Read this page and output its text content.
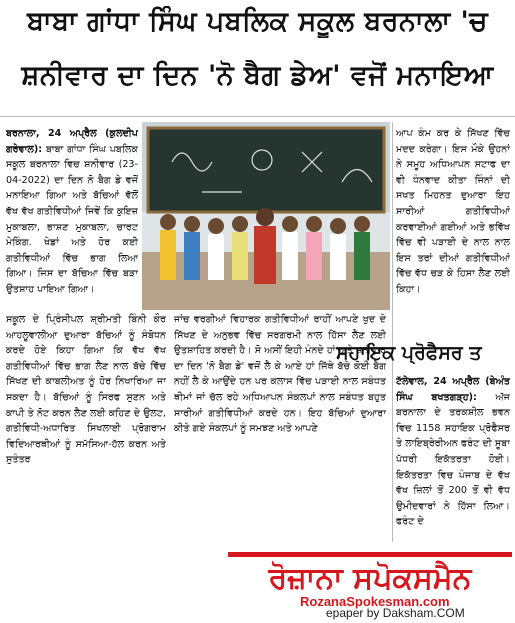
ਬਾਬਾ ਗਾਂਧਾ ਸਿੰਘ ਪਬਲਿਕ ਸਕੂਲ ਬਰਨਾਲਾ 'ਚ
ਸ਼ਨੀਵਾਰ ਦਾ ਦਿਨ 'ਨੋ ਬੈਗ ਡੇਅ' ਵਜੋਂ ਮਨਾਇਆ

ਬਰਨਾਲਾ, 24 ਅਪ੍ਰੈਲ (ਕੁਲਦੀਪ ਗਰੇਵਾਲ): ਬਾਬਾ ਗਾਂਧਾ ਸਿੰਘ ਪਬਲਿਕ ਸਕੂਲ ਬਰਨਾਲਾ ਵਿਚ ਸ਼ਨੀਵਾਰ (23-04-2022) ਦਾ ਦਿਨ ਨੋ ਬੈਗ ਡੇ ਵਜੋਂ ਮਨਾਇਆ ਗਿਆ ਅਤੇ ਬੱਚਿਆਂ ਵੱਲੋਂ ਵੱਖ ਵੱਖ ਗਤੀਵਿਧੀਆਂ ਜਿਵੇਂ ਕਿ ਕੁਇਜ਼ ਮੁਕਾਬਲਾ, ਭਾਸ਼ਣ ਮੁਕਾਬਲਾ, ਚਾਰਟ ਮੇਕਿੰਗ. ਖੇਡਾਂ ਅਤੇ ਹੋਰ ਕਈ ਗਤੀਵਿਧੀਆਂ ਵਿੱਚ ਭਾਗ ਲਿਆ ਗਿਆ। ਜਿਸ ਦਾ ਬੱਚਿਆ ਵਿੱਚ ਬੜਾ ਉਤਸ਼ਾਹ ਪਾਇਆ ਗਿਆ।

ਆਪ ਕੰਮ ਕਰ ਕੇ ਸਿੱਖਣ ਵਿੱਚ ਮਦਦ ਕਰੇਗਾ। ਇਸ ਮੌਕੇ ਉਹਨਾਂ ਨੇ ਸਮੂਹ ਅਧਿਆਪਨ ਸਟਾਫ ਦਾ ਵੀ ਧੰਨਵਾਦ ਕੀਤਾ ਜਿੰਨਾਂ ਦੀ ਸਖਤ ਮਿਹਨਤ ਦੁਆਰਾ ਇਹ ਸਾਰੀਆਂ ਗਤੀਵਿਧੀਆਂ ਕਰਵਾਈਆਂ ਗਈਆਂ ਅਤੇ ਭਵਿੱਖ ਵਿੱਚ ਵੀ ਪੜਾਈ ਦੇ ਨਾਲ ਨਾਲ ਇਸ ਤਰਾਂ ਦੀਆਂ ਗਤੀਵਿਧੀਆਂ ਵਿੱਚ ਵੱਧ ਚੜ ਕੇ ਹਿਸਾ ਲੈਣ ਲਈ ਕਿਹਾ।

ਸਕੂਲ ਦੇ ਪ੍ਰਿੰਸੀਪਲ ਸ਼੍ਰੀਮਤੀ ਬਿੰਨੀ ਕੌਰ ਆਹਲੂਵਾਲੀਆ ਦੁਆਰਾ ਬੱਚਿਆਂ ਨੂੰ ਸੰਬੋਧਨ ਕਰਦੇ ਹੋਏ ਕਿਹਾ ਗਿਆ ਕਿ ਵੱਖ ਵੱਖ ਗਤੀਵਿਧੀਆਂ ਵਿੱਚ ਭਾਗ ਲੈਣ ਨਾਲ ਬੱਚੇ ਵਿੱਚ ਸਿੱਖਣ ਦੀ ਕਾਬਲੀਅਤ ਨੂੰ ਹੋਰ ਨਿਖਾਰਿਆ ਜਾ ਸਕਦਾ ਹੈ। ਬੱਚਿਆਂ ਨੂੰ ਸਿਰਫ ਸੁਣਨ ਅਤੇ ਕਾਪੀ ਤੇ ਨੋਟ ਕਰਨ ਲੈਣ ਲਈ ਕਹਿਣ ਦੇ ਉਲਟ, ਗਤੀਵਿਧੀ-ਅਧਾਰਿਤ ਸਿਖਲਾਈ ਪ੍ਰੋਗਰਾਮ ਵਿਦਿਆਰਥੀਆਂ ਨੂੰ ਸਮੱਸਿਆ-ਹੱਲ ਕਰਨ ਅਤੇ ਸੁਤੰਤਰ

ਜਾਂਚ ਵਰਗੀਆਂ ਵਿਹਾਰਕ ਗਤੀਵਿਧੀਆਂ ਰਾਹੀਂ ਆਪਣੇ ਖੁਦ ਦੇ ਸਿੱਖਣ ਦੇ ਅਨੁਭਵ ਵਿੱਚ ਸਰਗਰਮੀ ਨਾਲ ਹਿੱਸਾ ਲੈਣ ਲਈ ਉਤਸ਼ਾਹਿਤ ਕਰਦੀ ਹੈ। ਸੋ ਅਸੀਂ ਇਹੀ ਮੰਨਦੇ ਹਾਂ ਅਤੇ ਸ਼ਨੀਵਾਰ ਦਾ ਦਿਨ 'ਨੋ ਬੈਗ ਡੇ' ਵਜੋਂ ਲੈ ਕੇ ਆਏ ਹਾਂ ਜਿੱਥੇ ਬੱਚੇ ਕੋਈ ਬੈਗ ਨਹੀਂ ਲੈ ਕੇ ਆਉਂਦੇ ਹਨ ਪਰ ਕਲਾਸ ਵਿੱਚ ਪੜਾਈ ਨਾਲ ਸਬੰਧਤ ਥੀਮਾਂ ਜਾਂ ਚੱਲ ਰਹੇ ਅਧਿਆਪਨ ਸੰਕਲਪਾਂ ਨਾਲ ਸਬੰਧਤ ਬਹੁਤ ਸਾਰੀਆਂ ਗਤੀਵਿਧੀਆਂ ਕਰਦੇ ਹਨ। ਇਹ ਬੱਚਿਆਂ ਦੁਆਰਾ ਕੀਤੇ ਗਏ ਸੰਕਲਪਾਂ ਨੂੰ ਸਮਝਣ ਅਤੇ ਆਪਣੇ

ਸਹਾਇਕ ਪ੍ਰੋਫੈਸਰ ਤ

ਟੱਲੇਵਾਲ, 24 ਅਪ੍ਰੈਲ (ਬੇਅੰਤ ਸਿੰਘ ਬਖਤਗੜ੍ਹ): ਅੱਜ ਬਰਨਾਲਾ ਦੇ ਤਰਕਸ਼ੀਲ ਭਵਨ ਵਿਚ 1158 ਸਹਾਇਕ ਪ੍ਰੋਫੈਸਰ ਤੇ ਲਾਇਬ੍ਰੇਰੀਅਨ ਫਰੰਟ ਦੀ ਸੂਬਾ ਪੱਧਰੀ ਇਕੱਤਰਤਾ ਹੋਈ। ਇਕੱਤਰਤਾ ਵਿਚ ਪੰਜਾਬ ਦੇ ਵੱਖ ਵੱਖ ਜ਼ਿਲਾਂ ਤੋਂ 200 ਤੋਂ ਵੀ ਵੱਧ ਉਮੀਦਵਾਰਾਂ ਨੇ ਹਿੱਸਾ ਲਿਆ। ਫਰੰਟ ਦੇ

ਰੋਜ਼ਾਨਾ ਸਪੋਕਸਮੈਨ
RozanaSpokesman.com
epaper by Daksham.COM
